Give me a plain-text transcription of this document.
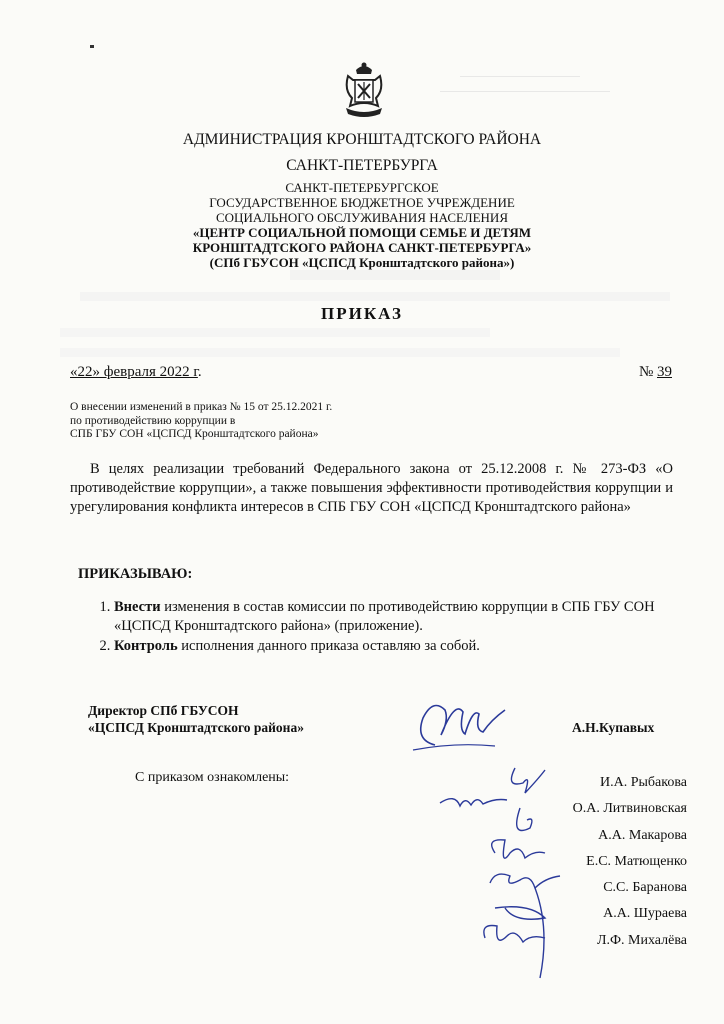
АДМИНИСТРАЦИЯ КРОНШТАДТСКОГО РАЙОНА
САНКТ-ПЕТЕРБУРГА
САНКТ-ПЕТЕРБУРГСКОЕ
ГОСУДАРСТВЕННОЕ БЮДЖЕТНОЕ УЧРЕЖДЕНИЕ
СОЦИАЛЬНОГО ОБСЛУЖИВАНИЯ НАСЕЛЕНИЯ
«ЦЕНТР СОЦИАЛЬНОЙ ПОМОЩИ СЕМЬЕ И ДЕТЯМ
КРОНШТАДТСКОГО РАЙОНА САНКТ-ПЕТЕРБУРГА»
(СПб ГБУСОН «ЦСПСД Кронштадтского района»)
ПРИКАЗ
«22» февраля 2022 г.	№ 39
О внесении изменений в приказ № 15 от 25.12.2021 г.
по противодействию коррупции в
СПБ ГБУ СОН «ЦСПСД Кронштадтского района»
В целях реализации требований Федерального закона от 25.12.2008 г. № 273-ФЗ «О противодействие коррупции», а также повышения эффективности противодействия коррупции и урегулирования конфликта интересов в СПБ ГБУ СОН «ЦСПСД Кронштадтского района»
ПРИКАЗЫВАЮ:
1. Внести изменения в состав комиссии по противодействию коррупции в СПБ ГБУ СОН «ЦСПСД Кронштадтского района» (приложение).
2. Контроль исполнения данного приказа оставляю за собой.
Директор СПб ГБУСОН
«ЦСПСД Кронштадтского района»	А.Н.Купавых
С приказом ознакомлены:	И.А. Рыбакова
О.А. Литвиновская
А.А. Макарова
Е.С. Матющенко
С.С. Баранова
А.А. Шураева
Л.Ф. Михалёва
